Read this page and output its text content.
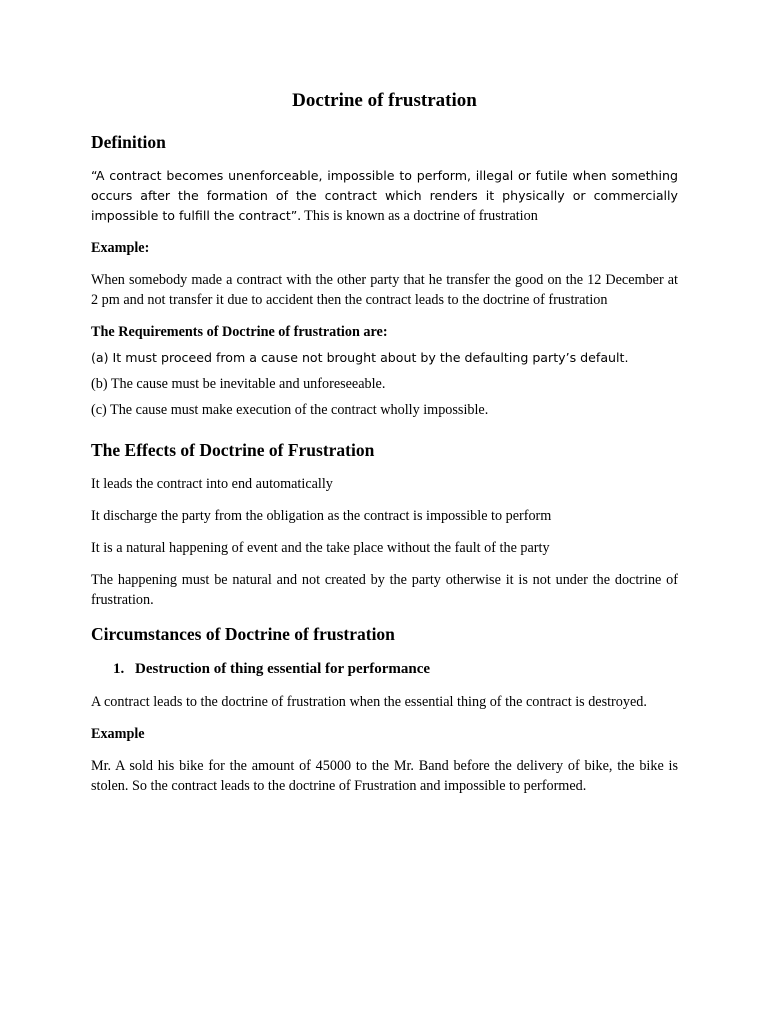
Doctrine of frustration
Definition

“A contract becomes unenforceable, impossible to perform, illegal or futile when something occurs after the formation of the contract which renders it physically or commercially impossible to fulfill the contract”. This is known as a doctrine of frustration

Example:

When somebody made a contract with the other party that he transfer the good on the 12 December at 2 pm and not transfer it due to accident then the contract leads to the doctrine of frustration

The Requirements of Doctrine of frustration are:

(a) It must proceed from a cause not brought about by the defaulting party’s default.

(b) The cause must be inevitable and unforeseeable.

(c) The cause must make execution of the contract wholly impossible.

The Effects of Doctrine of Frustration

It leads the contract into end automatically

It discharge the party from the obligation as the contract is impossible to perform

It is a natural happening of event and the take place without the fault of the party

The happening must be natural and not created by the party otherwise it is not under the doctrine of frustration.

Circumstances of Doctrine of frustration
1. Destruction of thing essential for performance

A contract leads to the doctrine of frustration when the essential thing of the contract is destroyed.

Example

Mr. A sold his bike for the amount of 45000 to the Mr. Band before the delivery of bike, the bike is stolen. So the contract leads to the doctrine of Frustration and impossible to performed.
